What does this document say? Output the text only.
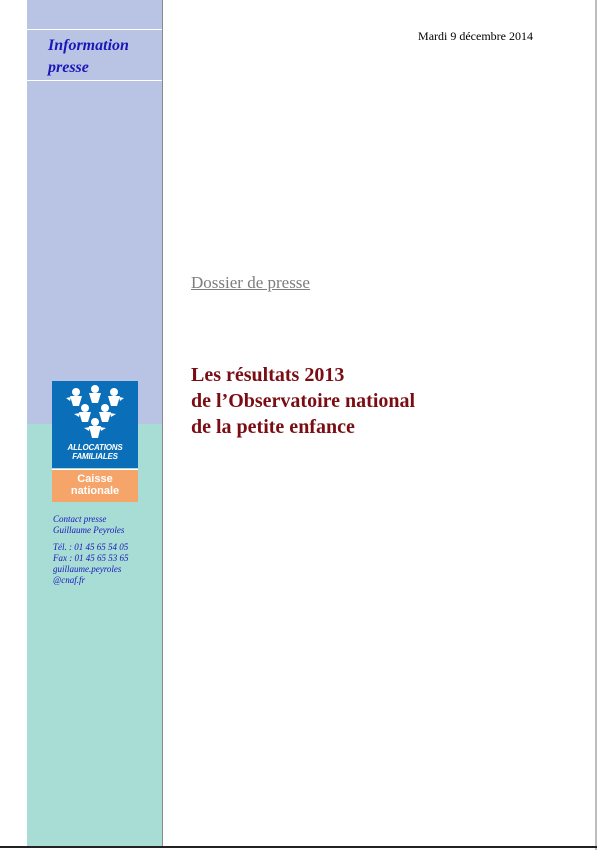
Information
presse
Mardi 9 décembre 2014
Dossier de presse
Les résultats 2013
de l’Observatoire national
de la petite enfance
ALLOCATIONS
FAMILIALES
Caisse
nationale
Contact presse
Guillaume Peyroles
Tél. : 01 45 65 54 05
Fax : 01 45 65 53 65
guillaume.peyroles
@cnaf.fr
